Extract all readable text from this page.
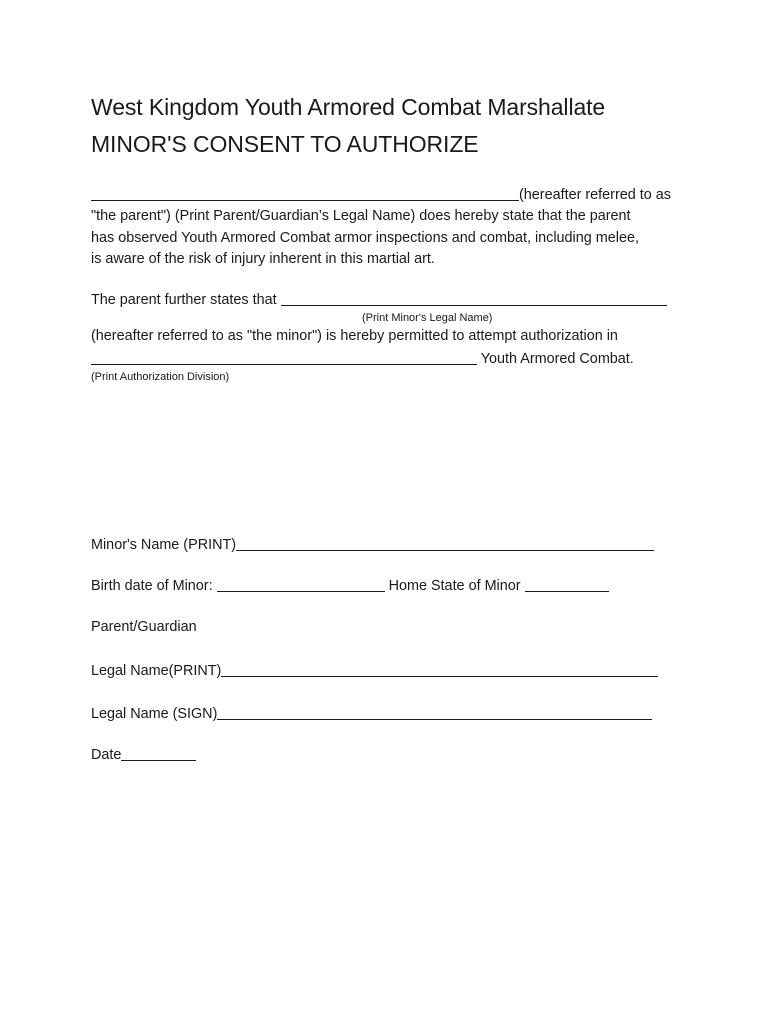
West Kingdom Youth Armored Combat Marshallate
MINOR'S CONSENT TO AUTHORIZE
(hereafter referred to as
"the parent") (Print Parent/Guardian’s Legal Name) does hereby state that the parent
has observed Youth Armored Combat armor inspections and combat, including melee,
is aware of the risk of injury inherent in this martial art.
The parent further states that
(Print Minor's Legal Name)
(hereafter referred to as "the minor") is hereby permitted to attempt authorization in
Youth Armored Combat.
(Print Authorization Division)
Minor's Name (PRINT)
Birth date of Minor:	Home State of Minor
Parent/Guardian
Legal Name(PRINT)
Legal Name (SIGN)
Date
